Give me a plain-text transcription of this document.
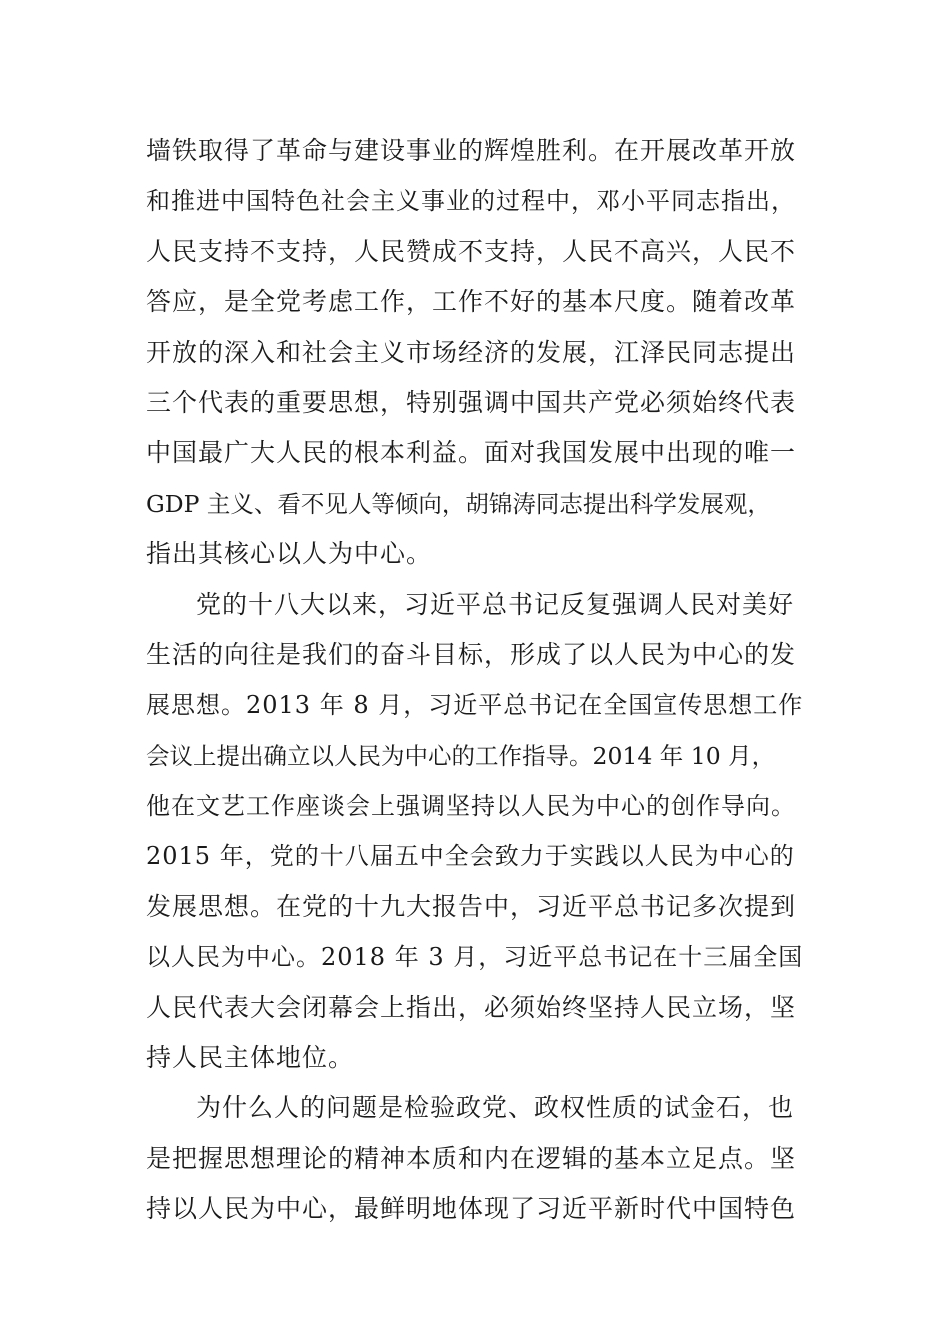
墙铁取得了革命与建设事业的辉煌胜利。在开展改革开放
和推进中国特色社会主义事业的过程中，邓小平同志指出，
人民支持不支持，人民赞成不支持，人民不高兴，人民不
答应，是全党考虑工作，工作不好的基本尺度。随着改革
开放的深入和社会主义市场经济的发展，江泽民同志提出
三个代表的重要思想，特别强调中国共产党必须始终代表
中国最广大人民的根本利益。面对我国发展中出现的唯一
GDP 主义、看不见人等倾向，胡锦涛同志提出科学发展观，
指出其核心以人为中心。
党的十八大以来，习近平总书记反复强调人民对美好
生活的向往是我们的奋斗目标，形成了以人民为中心的发
展思想。2013 年 8 月，习近平总书记在全国宣传思想工作
会议上提出确立以人民为中心的工作指导。2014 年 10 月，
他在文艺工作座谈会上强调坚持以人民为中心的创作导向。
2015 年，党的十八届五中全会致力于实践以人民为中心的
发展思想。在党的十九大报告中，习近平总书记多次提到
以人民为中心。2018 年 3 月，习近平总书记在十三届全国
人民代表大会闭幕会上指出，必须始终坚持人民立场，坚
持人民主体地位。
为什么人的问题是检验政党、政权性质的试金石，也
是把握思想理论的精神本质和内在逻辑的基本立足点。坚
持以人民为中心，最鲜明地体现了习近平新时代中国特色
